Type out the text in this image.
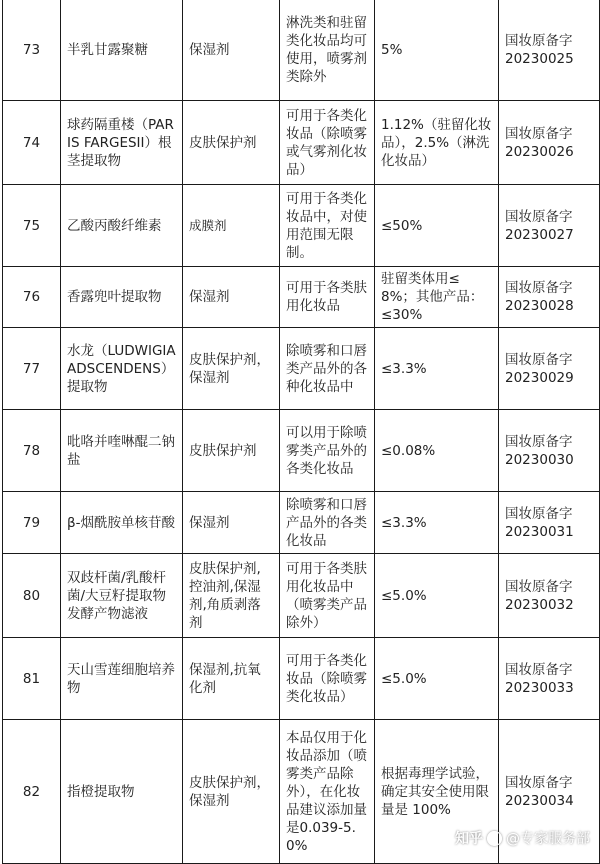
73	半乳甘露聚糖	保湿剂	淋洗类和驻留类化妆品均可使用，喷雾剂类除外	5%	国妆原备字
20230025

74	球药隔重楼（PARIS FARGESII）根茎提取物	皮肤保护剂	可用于各类化妆品（除喷雾或气雾剂化妆品）	1.12%（驻留化妆品），2.5%（淋洗化妆品）	国妆原备字
20230026

75	乙酸丙酸纤维素	成膜剂	可用于各类化妆品中，对使用范围无限制。	≤50%	国妆原备字
20230027

76	香露兜叶提取物	保湿剂	可用于各类肤用化妆品	驻留类体用≤8%；其他产品：≤30%	国妆原备字
20230028

77	水龙（LUDWIGIA ADSCENDENS）提取物	皮肤保护剂，保湿剂	除喷雾和口唇类产品外的各种化妆品中	≤3.3%	国妆原备字
20230029

78	吡咯并喹啉醌二钠盐	皮肤保护剂	可以用于除喷雾类产品外的各类化妆品	≤0.08%	国妆原备字
20230030

79	β-烟酰胺单核苷酸	保湿剂	除喷雾和口唇产品外的各类化妆品	≤3.3%	国妆原备字
20230031

80	双歧杆菌/乳酸杆菌/大豆籽提取物发酵产物滤液	皮肤保护剂,控油剂,保湿剂,角质剥落剂	可用于各类肤用化妆品中（喷雾类产品除外）	≤5.0%	国妆原备字
20230032

81	天山雪莲细胞培养物	保湿剂,抗氧化剂	可用于各类化妆品（除喷雾类化妆品）	≤5.0%	国妆原备字
20230033

82	指橙提取物	皮肤保护剂，保湿剂	本品仅用于化妆品添加（喷雾类产品除外），在化妆品建议添加量是0.039-5.0%	根据毒理学试验，确定其安全使用限量是 100%	国妆原备字
20230034
知乎 @专家服务部
